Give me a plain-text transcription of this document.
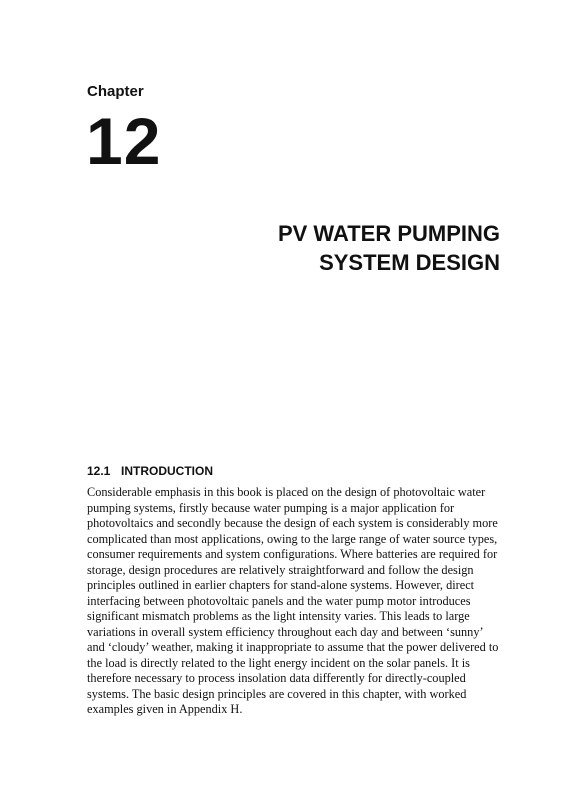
Chapter
12
PV WATER PUMPING
SYSTEM DESIGN
12.1 INTRODUCTION

Considerable emphasis in this book is placed on the design of photovoltaic water pumping systems, firstly because water pumping is a major application for photovoltaics and secondly because the design of each system is considerably more complicated than most applications, owing to the large range of water source types, consumer requirements and system configurations. Where batteries are required for storage, design procedures are relatively straightforward and follow the design principles outlined in earlier chapters for stand-alone systems. However, direct interfacing between photovoltaic panels and the water pump motor introduces significant mismatch problems as the light intensity varies. This leads to large variations in overall system efficiency throughout each day and between ‘sunny’ and ‘cloudy’ weather, making it inappropriate to assume that the power delivered to the load is directly related to the light energy incident on the solar panels. It is therefore necessary to process insolation data differently for directly-coupled systems. The basic design principles are covered in this chapter, with worked examples given in Appendix H.
